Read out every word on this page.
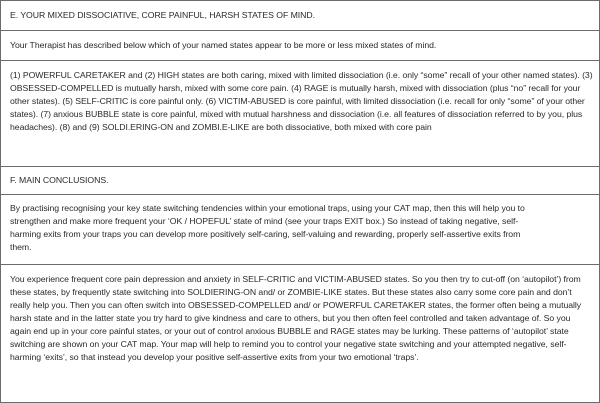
E. YOUR MIXED DISSOCIATIVE, CORE PAINFUL, HARSH STATES OF MIND.

Your Therapist has described below which of your named states appear to be more or less mixed states of mind.

(1) POWERFUL CARETAKER and (2) HIGH states are both caring, mixed with limited dissociation (i.e. only “some” recall of your other named states). (3) OBSESSED-COMPELLED is mutually harsh, mixed with some core pain. (4) RAGE is mutually harsh, mixed with dissociation (plus “no” recall for your other states). (5) SELF-CRITIC is core painful only. (6) VICTIM-ABUSED is core painful, with limited dissociation (i.e. recall for only “some” of your other states). (7) anxious BUBBLE state is core painful, mixed with mutual harshness and dissociation (i.e. all features of dissociation referred to by you, plus headaches). (8) and (9) SOLDI.ERING-ON and ZOMBI.E-LIKE are both dissociative, both mixed with core pain

F. MAIN CONCLUSIONS.

By practising recognising your key state switching tendencies within your emotional traps, using your CAT map, then this will help you to strengthen and make more frequent your ‘OK / HOPEFUL’ state of mind (see your traps EXIT box.) So instead of taking negative, self-harming exits from your traps you can develop more positively self-caring, self-valuing and rewarding, properly self-assertive exits from them.

You experience frequent core pain depression and anxiety in SELF-CRITIC and VICTIM-ABUSED states. So you then try to cut-off (on ‘autopilot’) from these states, by frequently state switching into SOLDIERING-ON and/ or ZOMBIE-LIKE states. But these states also carry some core pain and don’t really help you. Then you can often switch into OBSESSED-COMPELLED and/ or POWERFUL CARETAKER states, the former often being a mutually harsh state and in the latter state you try hard to give kindness and care to others, but you then often feel controlled and taken advantage of. So you again end up in your core painful states, or your out of control anxious BUBBLE and RAGE states may be lurking. These patterns of ‘autopilot’ state switching are shown on your CAT map. Your map will help to remind you to control your negative state switching and your attempted negative, self-harming ‘exits’, so that instead you develop your positive self-assertive exits from your two emotional ‘traps’.
